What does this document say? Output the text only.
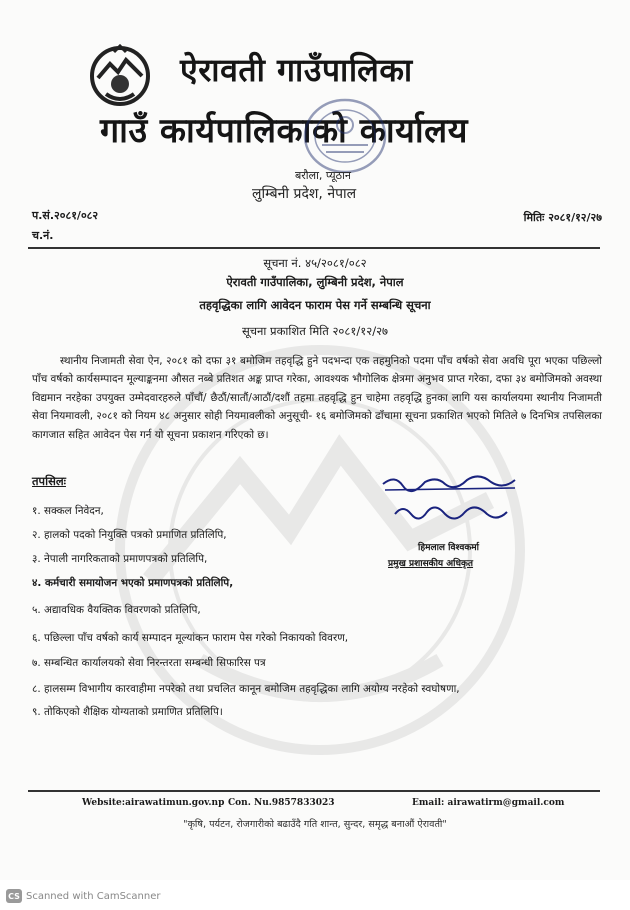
ऐरावती गाउँपालिका
गाउँ कार्यपालिकाको कार्यालय
बरौला, प्यूठान
लुम्बिनी प्रदेश, नेपाल
प.सं.२०८१/०८२
च.नं.
मितिः २०८१/१२/२७
सूचना नं. ४५/२०८१/०८२
ऐरावती गाउँपालिका, लुम्बिनी प्रदेश, नेपाल
तहवृद्धिका लागि आवेदन फाराम पेस गर्ने सम्बन्धि सूचना
सूचना प्रकाशित मिति २०८१/१२/२७

स्थानीय निजामती सेवा ऐन, २०८१ को दफा ३१ बमोजिम तहवृद्धि हुने पदभन्दा एक तहमुनिको पदमा पाँच वर्षको सेवा अवधि पूरा भएका पछिल्लो पाँच वर्षको कार्यसम्पादन मूल्याङ्कनमा औसत नब्बे प्रतिशत अङ्क प्राप्त गरेका, आवश्यक भौगोलिक क्षेत्रमा अनुभव प्राप्त गरेका, दफा ३४ बमोजिमको अवस्था विद्यमान नरहेका उपयुक्त उम्मेदवारहरुले पाँचौं/ छैठौं/सातौं/आठौं/दशौं तहमा तहवृद्धि हुन चाहेमा तहवृद्धि हुनका लागि यस कार्यालयमा स्थानीय निजामती सेवा नियमावली, २०८१ को नियम ४८ अनुसार सोही नियमावलीको अनुसूची- १६ बमोजिमको ढाँचामा सूचना प्रकाशित भएको मितिले ७ दिनभित्र तपसिलका कागजात सहित आवेदन पेस गर्न यो सूचना प्रकाशन गरिएको छ।

तपसिलः
१. सक्कल निवेदन,
२. हालको पदको नियुक्ति पत्रको प्रमाणित प्रतिलिपि,
३. नेपाली नागरिकताको प्रमाणपत्रको प्रतिलिपि,
४. कर्मचारी समायोजन भएको प्रमाणपत्रको प्रतिलिपि,
५. अद्यावधिक वैयक्तिक विवरणको प्रतिलिपि,
६. पछिल्ला पाँच वर्षको कार्य सम्पादन मूल्यांकन फाराम पेस गरेको निकायको विवरण,
७. सम्बन्धित कार्यालयको सेवा निरन्तरता सम्बन्धी सिफारिस पत्र
८. हालसम्म विभागीय कारवाहीमा नपरेको तथा प्रचलित कानून बमोजिम तहवृद्धिका लागि अयोग्य नरहेको स्वघोषणा,
९. तोकिएको शैक्षिक योग्यताको प्रमाणित प्रतिलिपि।
हिमलाल विश्वकर्मा
प्रमुख प्रशासकीय अधिकृत
Website:airawatimun.gov.np Con. Nu.9857833023	Email: airawatirm@gmail.com
"कृषि, पर्यटन, रोजगारीको बढाउँदै गति शान्त, सुन्दर, समृद्ध बनाऔं ऐरावती"
CS Scanned with CamScanner
